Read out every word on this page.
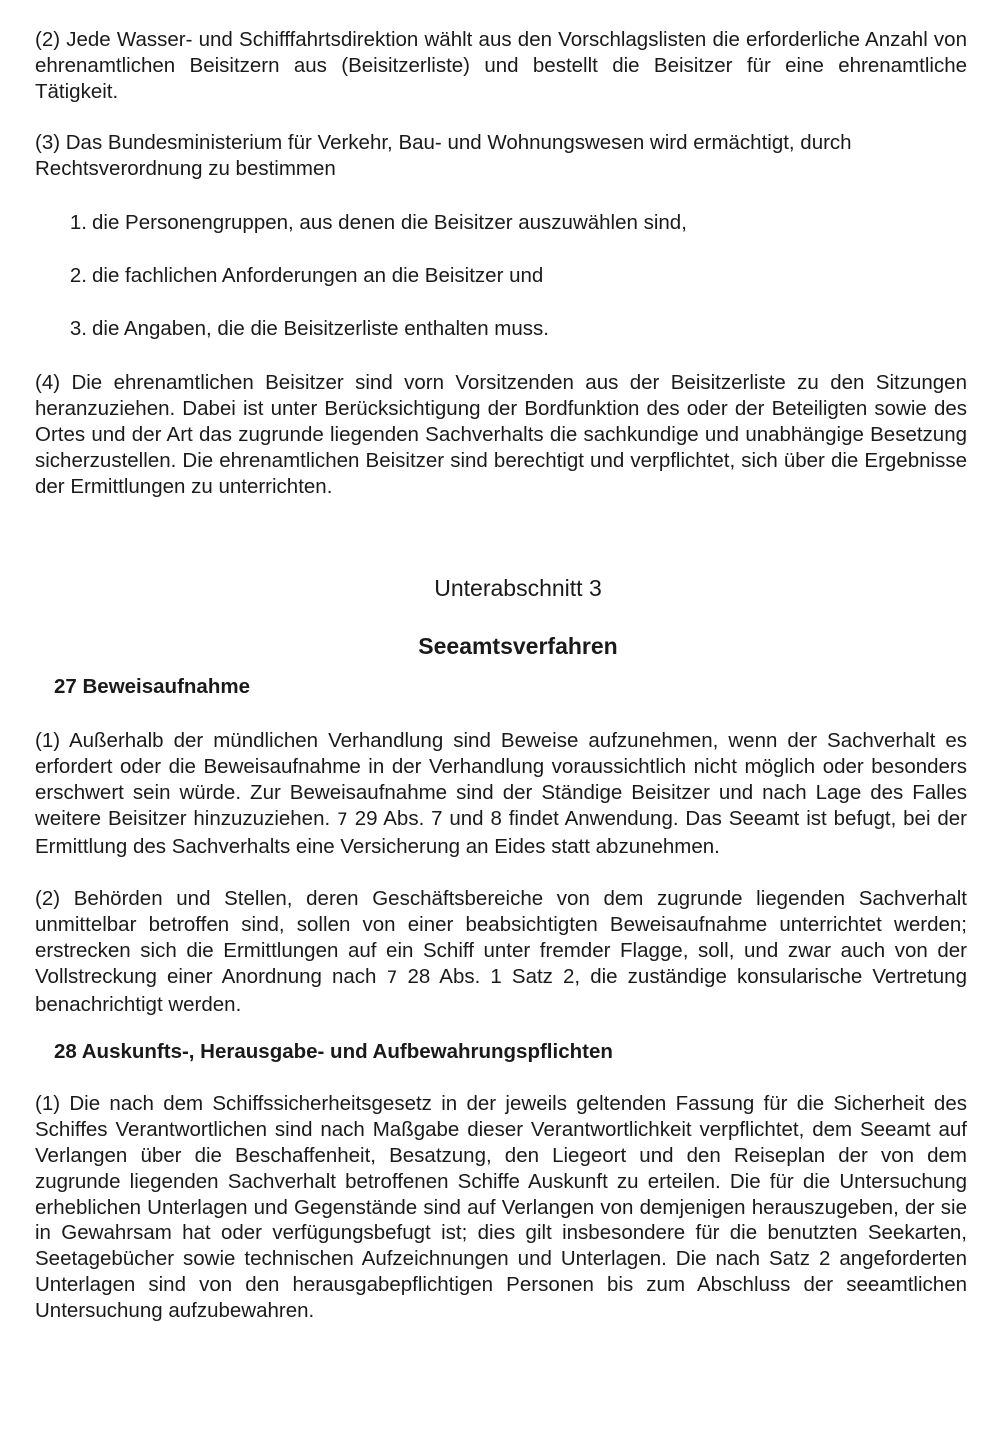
(2) Jede Wasser- und Schifffahrtsdirektion wählt aus den Vorschlagslisten die erforderliche Anzahl von ehrenamtlichen Beisitzern aus (Beisitzerliste) und bestellt die Beisitzer für eine ehrenamtliche Tätigkeit.

(3) Das Bundesministerium für Verkehr, Bau- und Wohnungswesen wird ermächtigt, durch Rechtsverordnung zu bestimmen

1. die Personengruppen, aus denen die Beisitzer auszuwählen sind,
2. die fachlichen Anforderungen an die Beisitzer und
3. die Angaben, die die Beisitzerliste enthalten muss.

(4) Die ehrenamtlichen Beisitzer sind vorn Vorsitzenden aus der Beisitzerliste zu den Sitzungen heranzuziehen. Dabei ist unter Berücksichtigung der Bordfunktion des oder der Beteiligten sowie des Ortes und der Art das zugrunde liegenden Sachverhalts die sachkundige und unabhängige Besetzung sicherzustellen. Die ehrenamtlichen Beisitzer sind berechtigt und verpflichtet, sich über die Ergebnisse der Ermittlungen zu unterrichten.

Unterabschnitt 3

Seeamtsverfahren

27 Beweisaufnahme

(1) Außerhalb der mündlichen Verhandlung sind Beweise aufzunehmen, wenn der Sachverhalt es erfordert oder die Beweisaufnahme in der Verhandlung voraussichtlich nicht möglich oder besonders erschwert sein würde. Zur Beweisaufnahme sind der Ständige Beisitzer und nach Lage des Falles weitere Beisitzer hinzuzuziehen. 7 29 Abs. 7 und 8 findet Anwendung. Das Seeamt ist befugt, bei der Ermittlung des Sachverhalts eine Versicherung an Eides statt abzunehmen.

(2) Behörden und Stellen, deren Geschäftsbereiche von dem zugrunde liegenden Sachverhalt unmittelbar betroffen sind, sollen von einer beabsichtigten Beweisaufnahme unterrichtet werden; erstrecken sich die Ermittlungen auf ein Schiff unter fremder Flagge, soll, und zwar auch von der Vollstreckung einer Anordnung nach 7 28 Abs. 1 Satz 2, die zuständige konsularische Vertretung benachrichtigt werden.

28 Auskunfts-, Herausgabe- und Aufbewahrungspflichten

(1) Die nach dem Schiffssicherheitsgesetz in der jeweils geltenden Fassung für die Sicherheit des Schiffes Verantwortlichen sind nach Maßgabe dieser Verantwortlichkeit verpflichtet, dem Seeamt auf Verlangen über die Beschaffenheit, Besatzung, den Liegeort und den Reiseplan der von dem zugrunde liegenden Sachverhalt betroffenen Schiffe Auskunft zu erteilen. Die für die Untersuchung erheblichen Unterlagen und Gegenstände sind auf Verlangen von demjenigen herauszugeben, der sie in Gewahrsam hat oder verfügungsbefugt ist; dies gilt insbesondere für die benutzten Seekarten, Seetagebücher sowie technischen Aufzeichnungen und Unterlagen. Die nach Satz 2 angeforderten Unterlagen sind von den herausgabepflichtigen Personen bis zum Abschluss der seeamtlichen Untersuchung aufzubewahren.
